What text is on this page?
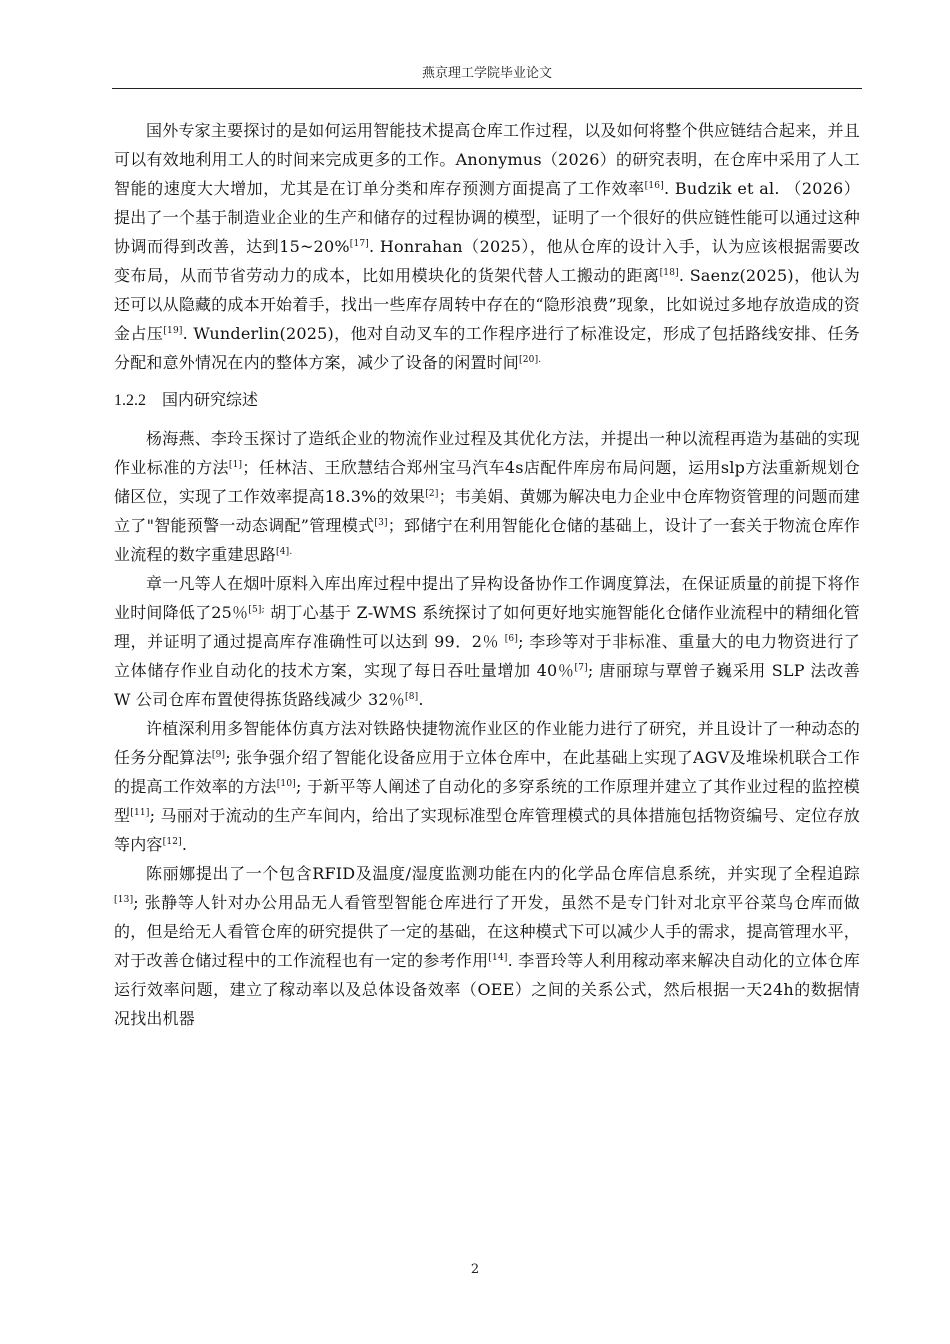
燕京理工学院毕业论文

国外专家主要探讨的是如何运用智能技术提高仓库工作过程，以及如何将整个供应链结合起来，并且可以有效地利用工人的时间来完成更多的工作。Anonymus（2026）的研究表明，在仓库中采用了人工智能的速度大大增加，尤其是在订单分类和库存预测方面提高了工作效率[16]. Budzik et al. （2026）提出了一个基于制造业企业的生产和储存的过程协调的模型，证明了一个很好的供应链性能可以通过这种协调而得到改善，达到15~20%[17]. Honrahan（2025），他从仓库的设计入手，认为应该根据需要改变布局，从而节省劳动力的成本，比如用模块化的货架代替人工搬动的距离[18]. Saenz(2025)，他认为还可以从隐藏的成本开始着手，找出一些库存周转中存在的“隐形浪费”现象，比如说过多地存放造成的资金占压[19]. Wunderlin(2025)，他对自动叉车的工作程序进行了标准设定，形成了包括路线安排、任务分配和意外情况在内的整体方案，减少了设备的闲置时间$^{[20].}$

1.2.2 国内研究综述

杨海燕、李玲玉探讨了造纸企业的物流作业过程及其优化方法，并提出一种以流程再造为基础的实现作业标准的方法[1]；任林洁、王欣慧结合郑州宝马汽车4s店配件库房布局问题，运用slp方法重新规划仓储区位，实现了工作效率提高18.3%的效果[2]；韦美娟、黄娜为解决电力企业中仓库物资管理的问题而建立了"智能预警一动态调配”管理模式[3]；郅储宁在利用智能化仓储的基础上，设计了一套关于物流仓库作业流程的数字重建思路$^{[4].}$

章一凡等人在烟叶原料入库出库过程中提出了异构设备协作工作调度算法，在保证质量的前提下将作业时间降低了25％$^{[5];}$ 胡丁心基于 Z-WMS 系统探讨了如何更好地实施智能化仓储作业流程中的精细化管理，并证明了通过提高库存准确性可以达到 99．2％ [6]; 李珍等对于非标准、重量大的电力物资进行了立体储存作业自动化的技术方案，实现了每日吞吐量增加 40％[7]; 唐丽琼与覃曾子巍采用 SLP 法改善 W 公司仓库布置使得拣货路线减少 32％[8].

许植深利用多智能体仿真方法对铁路快捷物流作业区的作业能力进行了研究，并且设计了一种动态的任务分配算法[9]; 张争强介绍了智能化设备应用于立体仓库中，在此基础上实现了AGV及堆垛机联合工作的提高工作效率的方法[10]; 于新平等人阐述了自动化的多穿系统的工作原理并建立了其作业过程的监控模型[11]; 马丽对于流动的生产车间内，给出了实现标准型仓库管理模式的具体措施包括物资编号、定位存放等内容[12].

陈丽娜提出了一个包含RFID及温度/湿度监测功能在内的化学品仓库信息系统，并实现了全程追踪[13]; 张静等人针对办公用品无人看管型智能仓库进行了开发，虽然不是专门针对北京平谷菜鸟仓库而做的，但是给无人看管仓库的研究提供了一定的基础，在这种模式下可以减少人手的需求，提高管理水平，对于改善仓储过程中的工作流程也有一定的参考作用[14]. 李晋玲等人利用稼动率来解决自动化的立体仓库运行效率问题，建立了稼动率以及总体设备效率（OEE）之间的关系公式，然后根据一天24h的数据情况找出机器

2
